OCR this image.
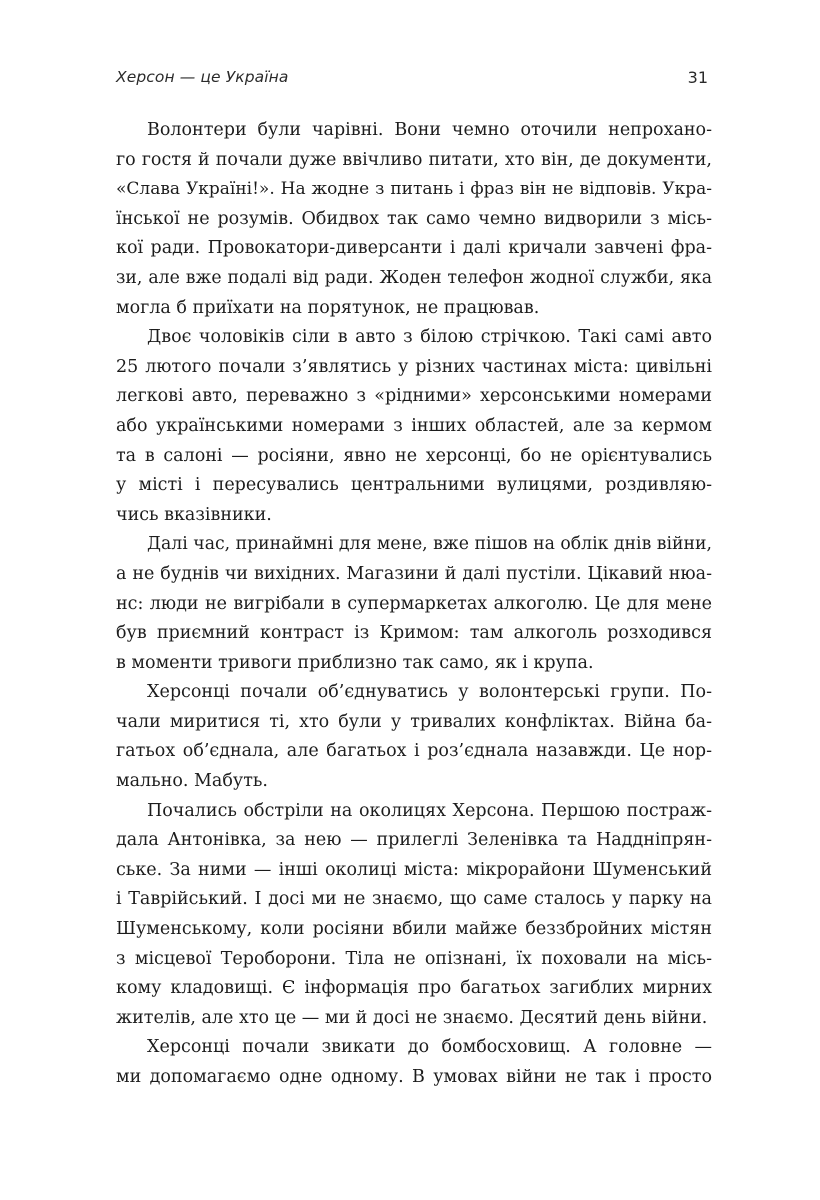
Херсон — це Україна	31
Волонтери були чарівні. Вони чемно оточили непрохано-
го гостя й почали дуже ввічливо питати, хто він, де документи,
«Слава Україні!». На жодне з питань і фраз він не відповів. Укра-
їнської не розумів. Обидвох так само чемно видворили з місь-
кої ради. Провокатори-диверсанти і далі кричали завчені фра-
зи, але вже подалі від ради. Жоден телефон жодної служби, яка
могла б приїхати на порятунок, не працював.
Двоє чоловіків сіли в авто з білою стрічкою. Такі самі авто
25 лютого почали з’являтись у різних частинах міста: цивільні
легкові авто, переважно з «рідними» херсонськими номерами
або українськими номерами з інших областей, але за кермом
та в салоні — росіяни, явно не херсонці, бо не орієнтувались
у місті і пересувались центральними вулицями, роздивляю-
чись вказівники.
Далі час, принаймні для мене, вже пішов на облік днів війни,
а не буднів чи вихідних. Магазини й далі пустіли. Цікавий нюа-
нс: люди не вигрібали в супермаркетах алкоголю. Це для мене
був приємний контраст із Кримом: там алкоголь розходився
в моменти тривоги приблизно так само, як і крупа.
Херсонці почали об’єднуватись у волонтерські групи. По-
чали миритися ті, хто були у тривалих конфліктах. Війна ба-
гатьох об’єднала, але багатьох і роз’єднала назавжди. Це нор-
мально. Мабуть.
Почались обстріли на околицях Херсона. Першою постраж-
дала Антонівка, за нею — прилеглі Зеленівка та Наддніпрян-
ське. За ними — інші околиці міста: мікрорайони Шуменський
і Таврійський. І досі ми не знаємо, що саме сталось у парку на
Шуменському, коли росіяни вбили майже беззбройних містян
з місцевої Тероборони. Тіла не опізнані, їх поховали на місь-
кому кладовищі. Є інформація про багатьох загиблих мирних
жителів, але хто це — ми й досі не знаємо. Десятий день війни.
Херсонці почали звикати до бомбосховищ. А головне —
ми допомагаємо одне одному. В умовах війни не так і просто
